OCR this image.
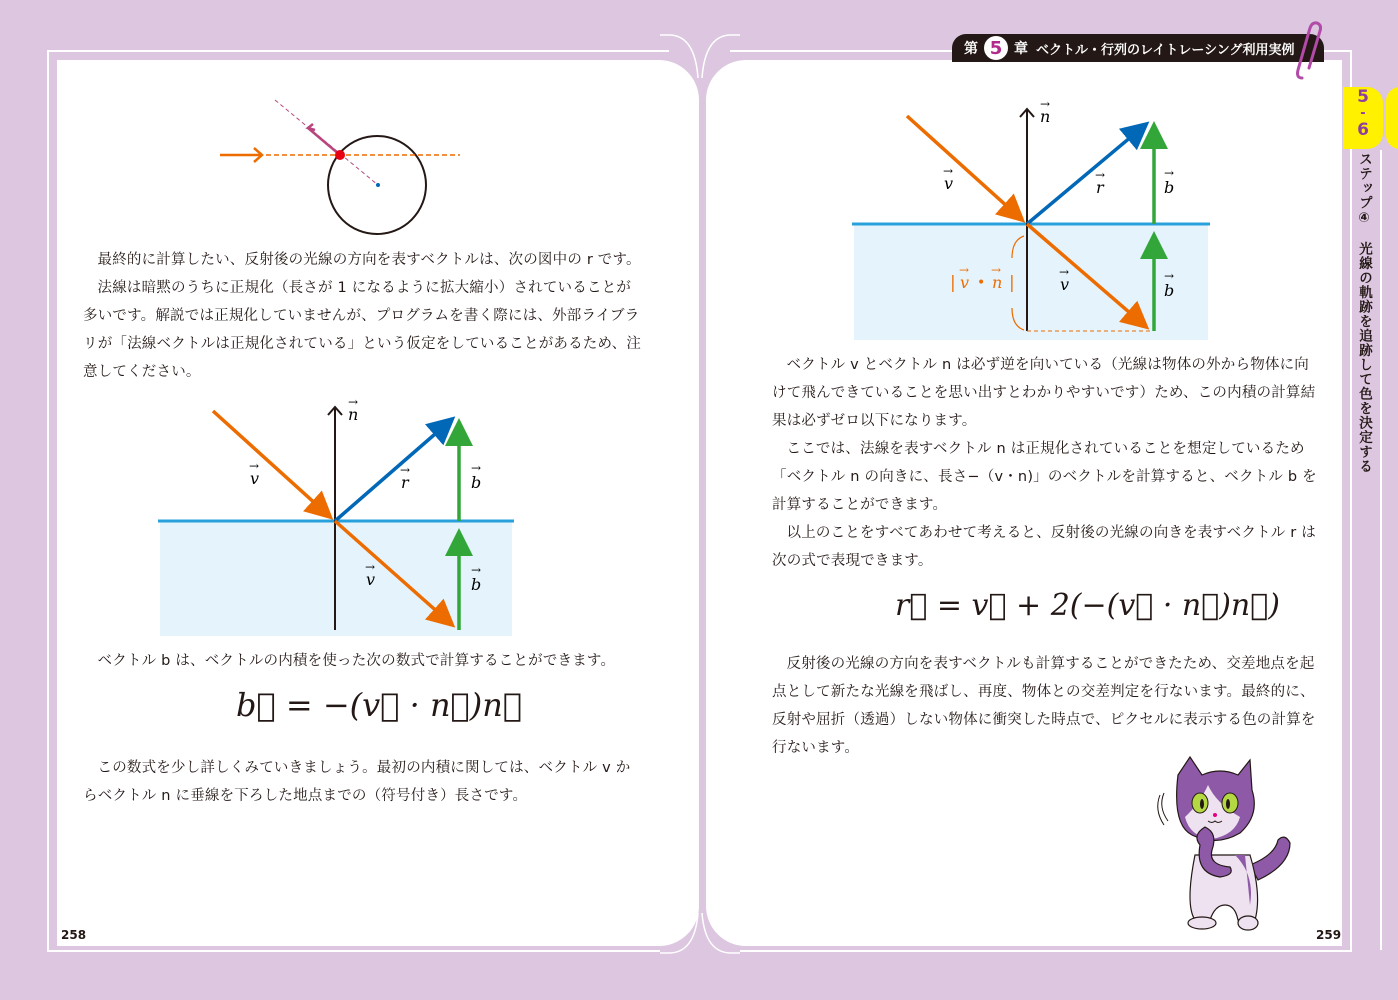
第 5 章 ベクトル・行列のレイトレーシング利用実例
5
-
6
ステップ④　光線の軌跡を追跡して色を決定する

最終的に計算したい、反射後の光線の方向を表すベクトルは、次の図中の r です。

法線は暗黙のうちに正規化（長さが 1 になるように拡大縮小）されていることが多いです。解説では正規化していませんが、プログラムを書く際には、外部ライブラリが「法線ベクトルは正規化されている」という仮定をしていることがあるため、注意してください。

n
→
v
→
r
→
b
→
v
→
b
→
ベクトル b は、ベクトルの内積を使った次の数式で計算することができます。
b⃗ = −(v⃗ · n⃗)n⃗
この数式を少し詳しくみていきましょう。最初の内積に関しては、ベクトル v からベクトル n に垂線を下ろした地点までの（符号付き）長さです。
258
n
→
v
→
r
→
b
→
v
→
b
→
| v
→
• n
→
|

ベクトル v とベクトル n は必ず逆を向いている（光線は物体の外から物体に向けて飛んできていることを思い出すとわかりやすいです）ため、この内積の計算結果は必ずゼロ以下になります。

ここでは、法線を表すベクトル n は正規化されていることを想定しているため「ベクトル n の向きに、長さ−（v・n)」のベクトルを計算すると、ベクトル b を計算することができます。

以上のことをすべてあわせて考えると、反射後の光線の向きを表すベクトル r は次の式で表現できます。

r⃗ = v⃗ + 2(−(v⃗ · n⃗)n⃗)
反射後の光線の方向を表すベクトルも計算することができたため、交差地点を起点として新たな光線を飛ばし、再度、物体との交差判定を行ないます。最終的に、反射や屈折（透過）しない物体に衝突した時点で、ピクセルに表示する色の計算を行ないます。
259
